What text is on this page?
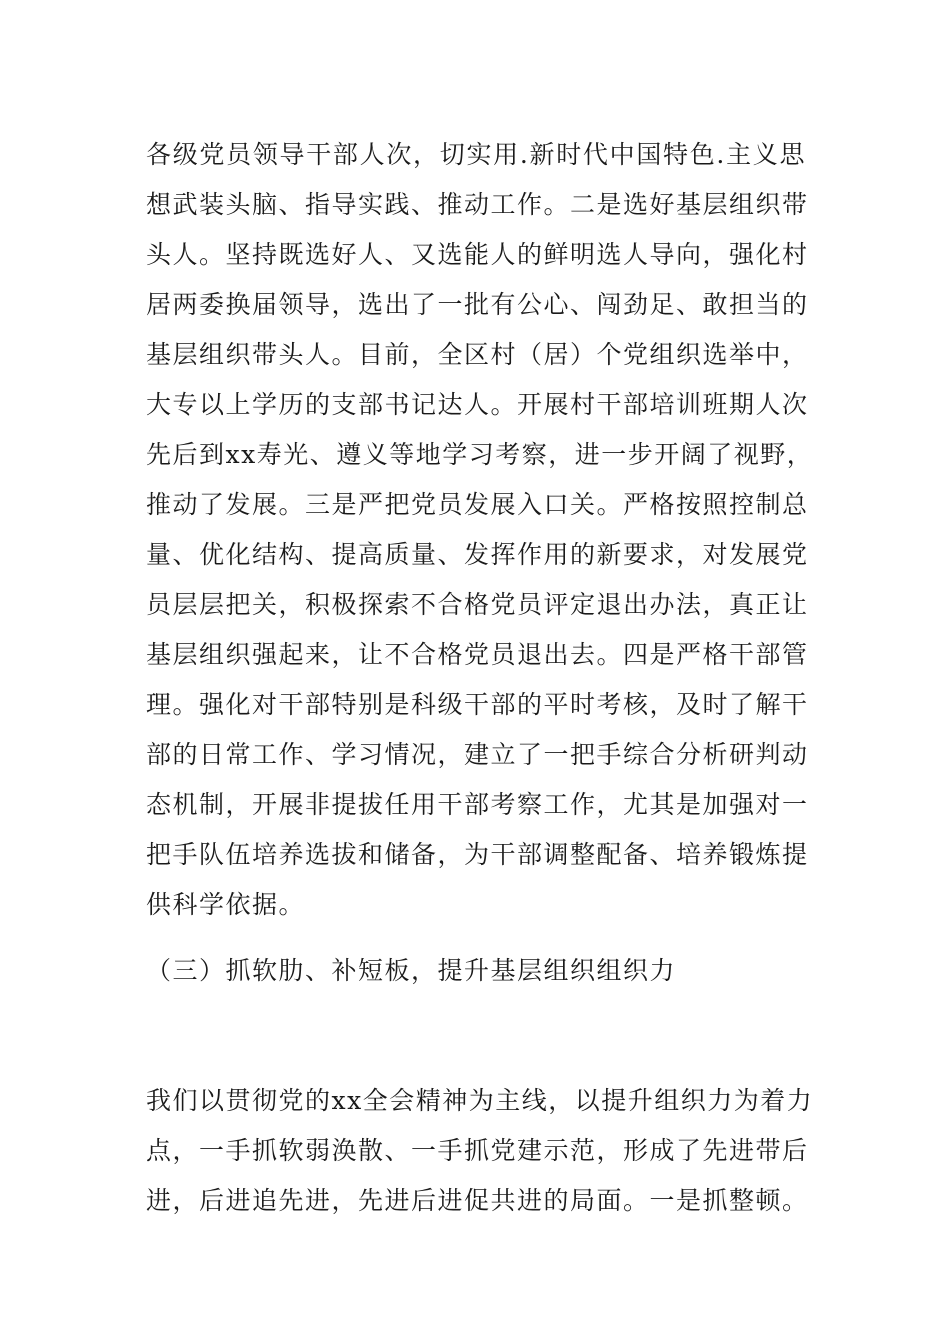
各级党员领导干部人次，切实用.新时代中国特色.主义思
想武装头脑、指导实践、推动工作。二是选好基层组织带
头人。坚持既选好人、又选能人的鲜明选人导向，强化村
居两委换届领导，选出了一批有公心、闯劲足、敢担当的
基层组织带头人。目前，全区村（居）个党组织选举中，
大专以上学历的支部书记达人。开展村干部培训班期人次
先后到xx寿光、遵义等地学习考察，进一步开阔了视野，
推动了发展。三是严把党员发展入口关。严格按照控制总
量、优化结构、提高质量、发挥作用的新要求，对发展党
员层层把关，积极探索不合格党员评定退出办法，真正让
基层组织强起来，让不合格党员退出去。四是严格干部管
理。强化对干部特别是科级干部的平时考核，及时了解干
部的日常工作、学习情况，建立了一把手综合分析研判动
态机制，开展非提拔任用干部考察工作，尤其是加强对一
把手队伍培养选拔和储备，为干部调整配备、培养锻炼提
供科学依据。
（三）抓软肋、补短板，提升基层组织组织力
我们以贯彻党的xx全会精神为主线，以提升组织力为着力
点，一手抓软弱涣散、一手抓党建示范，形成了先进带后
进，后进追先进，先进后进促共进的局面。一是抓整顿。
